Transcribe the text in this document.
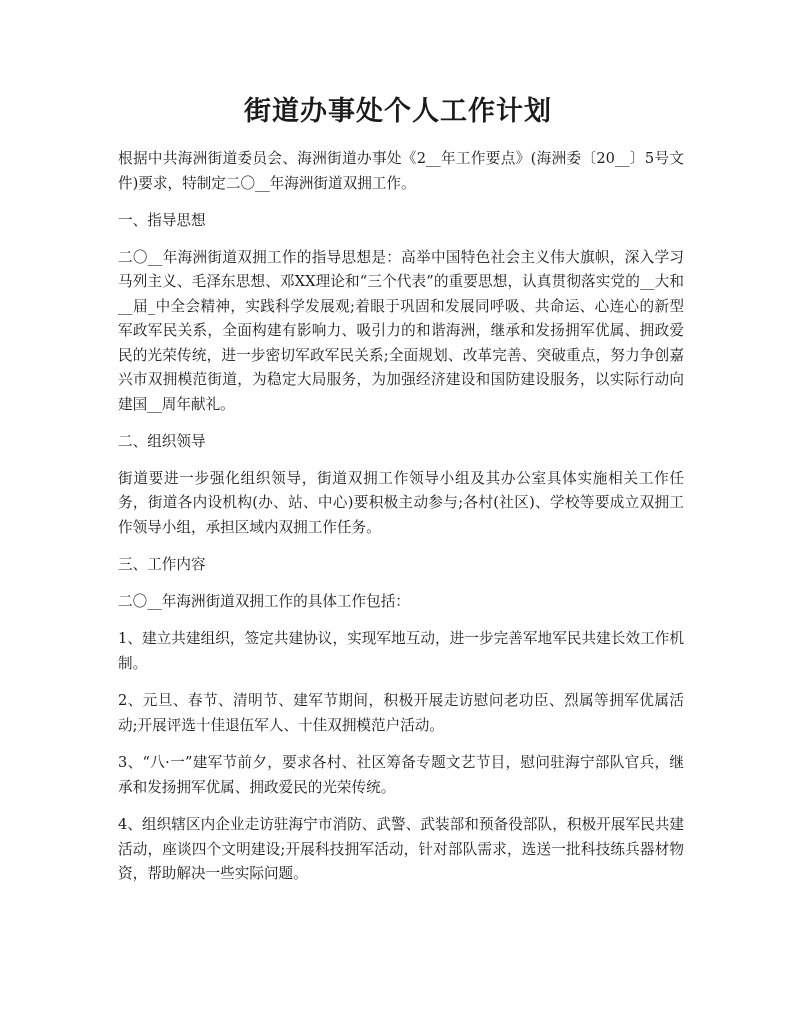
街道办事处个人工作计划

根据中共海洲街道委员会、海洲街道办事处《2__年工作要点》(海洲委〔20__〕5号文件)要求，特制定二〇__年海洲街道双拥工作。

一、指导思想

二〇__年海洲街道双拥工作的指导思想是：高举中国特色社会主义伟大旗帜，深入学习马列主义、毛泽东思想、邓XX理论和“三个代表”的重要思想，认真贯彻落实党的__大和__届_中全会精神，实践科学发展观;着眼于巩固和发展同呼吸、共命运、心连心的新型军政军民关系，全面构建有影响力、吸引力的和谐海洲，继承和发扬拥军优属、拥政爱民的光荣传统，进一步密切军政军民关系;全面规划、改革完善、突破重点，努力争创嘉兴市双拥模范街道，为稳定大局服务，为加强经济建设和国防建设服务，以实际行动向建国__周年献礼。

二、组织领导

街道要进一步强化组织领导，街道双拥工作领导小组及其办公室具体实施相关工作任务，街道各内设机构(办、站、中心)要积极主动参与;各村(社区)、学校等要成立双拥工作领导小组，承担区域内双拥工作任务。

三、工作内容

二〇__年海洲街道双拥工作的具体工作包括：

1、建立共建组织，签定共建协议，实现军地互动，进一步完善军地军民共建长效工作机制。

2、元旦、春节、清明节、建军节期间，积极开展走访慰问老功臣、烈属等拥军优属活动;开展评选十佳退伍军人、十佳双拥模范户活动。

3、“八·一”建军节前夕，要求各村、社区筹备专题文艺节目，慰问驻海宁部队官兵，继承和发扬拥军优属、拥政爱民的光荣传统。

4、组织辖区内企业走访驻海宁市消防、武警、武装部和预备役部队，积极开展军民共建活动，座谈四个文明建设;开展科技拥军活动，针对部队需求，选送一批科技练兵器材物资，帮助解决一些实际问题。
